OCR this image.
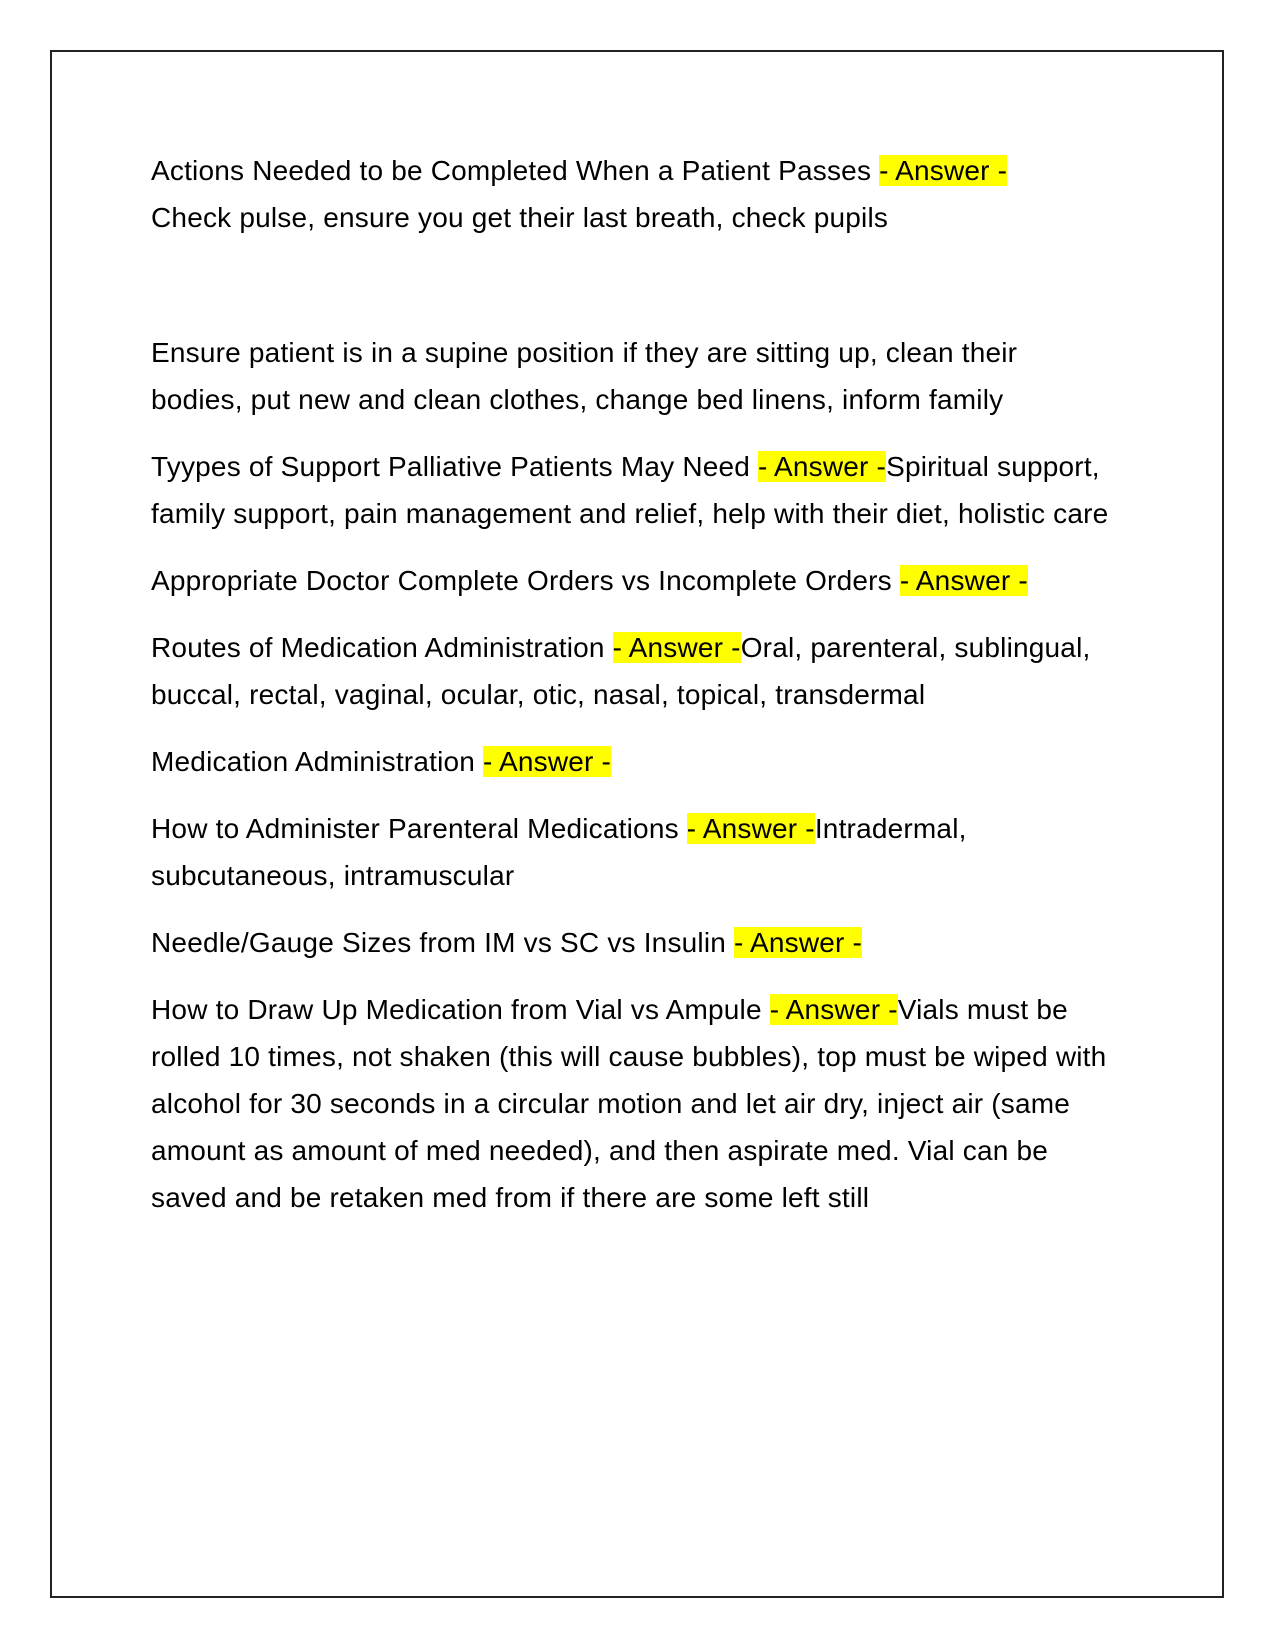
Actions Needed to be Completed When a Patient Passes - Answer -
Check pulse, ensure you get their last breath, check pupils
Ensure patient is in a supine position if they are sitting up, clean their bodies, put new and clean clothes, change bed linens, inform family
Tyypes of Support Palliative Patients May Need - Answer -Spiritual support, family support, pain management and relief, help with their diet, holistic care
Appropriate Doctor Complete Orders vs Incomplete Orders - Answer -
Routes of Medication Administration - Answer -Oral, parenteral, sublingual, buccal, rectal, vaginal, ocular, otic, nasal, topical, transdermal
Medication Administration - Answer -
How to Administer Parenteral Medications - Answer -Intradermal, subcutaneous, intramuscular
Needle/Gauge Sizes from IM vs SC vs Insulin - Answer -
How to Draw Up Medication from Vial vs Ampule - Answer -Vials must be rolled 10 times, not shaken (this will cause bubbles), top must be wiped with alcohol for 30 seconds in a circular motion and let air dry, inject air (same amount as amount of med needed), and then aspirate med. Vial can be saved and be retaken med from if there are some left still
